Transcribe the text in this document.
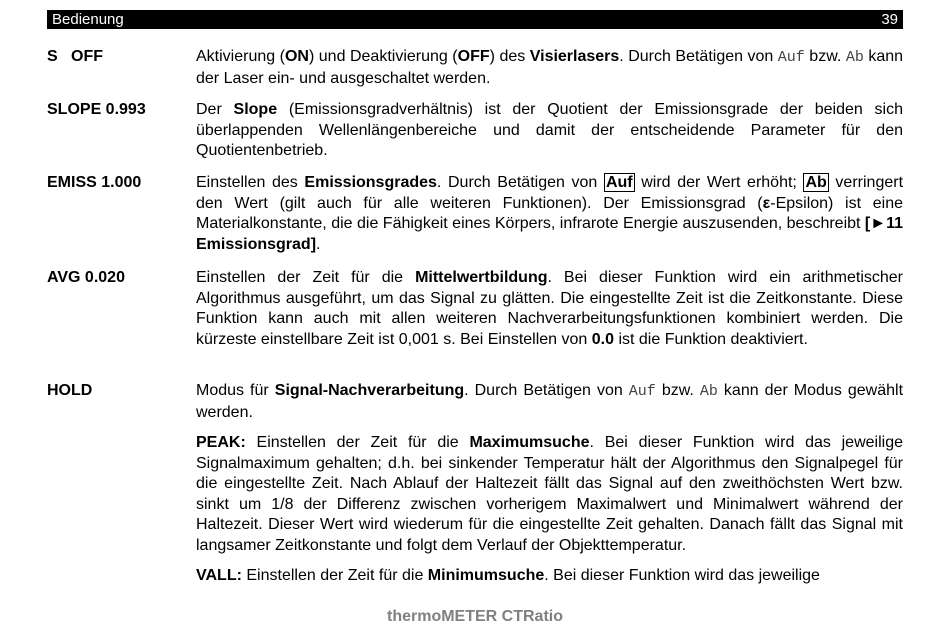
Bedienung	39
S   OFF	Aktivierung (ON) und Deaktivierung (OFF) des Visierlasers. Durch Betätigen von Auf bzw. Ab kann der Laser ein- und ausgeschaltet werden.

SLOPE 0.993	Der Slope (Emissionsgradverhältnis) ist der Quotient der Emissionsgrade der beiden sich überlappenden Wellenlängenbereiche und damit der entscheidende Parameter für den Quotientenbetrieb.

EMISS 1.000	Einstellen des Emissionsgrades. Durch Betätigen von Auf wird der Wert erhöht; Ab verringert den Wert (gilt auch für alle weiteren Funktionen). Der Emissionsgrad (ε-Epsilon) ist eine Materialkonstante, die die Fähigkeit eines Körpers, infrarote Energie auszusenden, beschreibt [►11 Emissionsgrad].

AVG 0.020	Einstellen der Zeit für die Mittelwertbildung. Bei dieser Funktion wird ein arithmetischer Algorithmus ausgeführt, um das Signal zu glätten. Die eingestellte Zeit ist die Zeitkonstante. Diese Funktion kann auch mit allen weiteren Nachverarbeitungsfunktionen kombiniert werden. Die kürzeste einstellbare Zeit ist 0,001 s. Bei Einstellen von 0.0 ist die Funktion deaktiviert.

HOLD	Modus für Signal-Nachverarbeitung. Durch Betätigen von Auf bzw. Ab kann der Modus gewählt werden.

PEAK: Einstellen der Zeit für die Maximumsuche. Bei dieser Funktion wird das jeweilige Signalmaximum gehalten; d.h. bei sinkender Temperatur hält der Algorithmus den Signalpegel für die eingestellte Zeit. Nach Ablauf der Haltezeit fällt das Signal auf den zweithöchsten Wert bzw. sinkt um 1/8 der Differenz zwischen vorherigem Maximalwert und Minimalwert während der Haltezeit. Dieser Wert wird wiederum für die eingestellte Zeit gehalten. Danach fällt das Signal mit langsamer Zeitkonstante und folgt dem Verlauf der Objekttemperatur.

VALL: Einstellen der Zeit für die Minimumsuche. Bei dieser Funktion wird das jeweilige

thermoMETER CTRatio
